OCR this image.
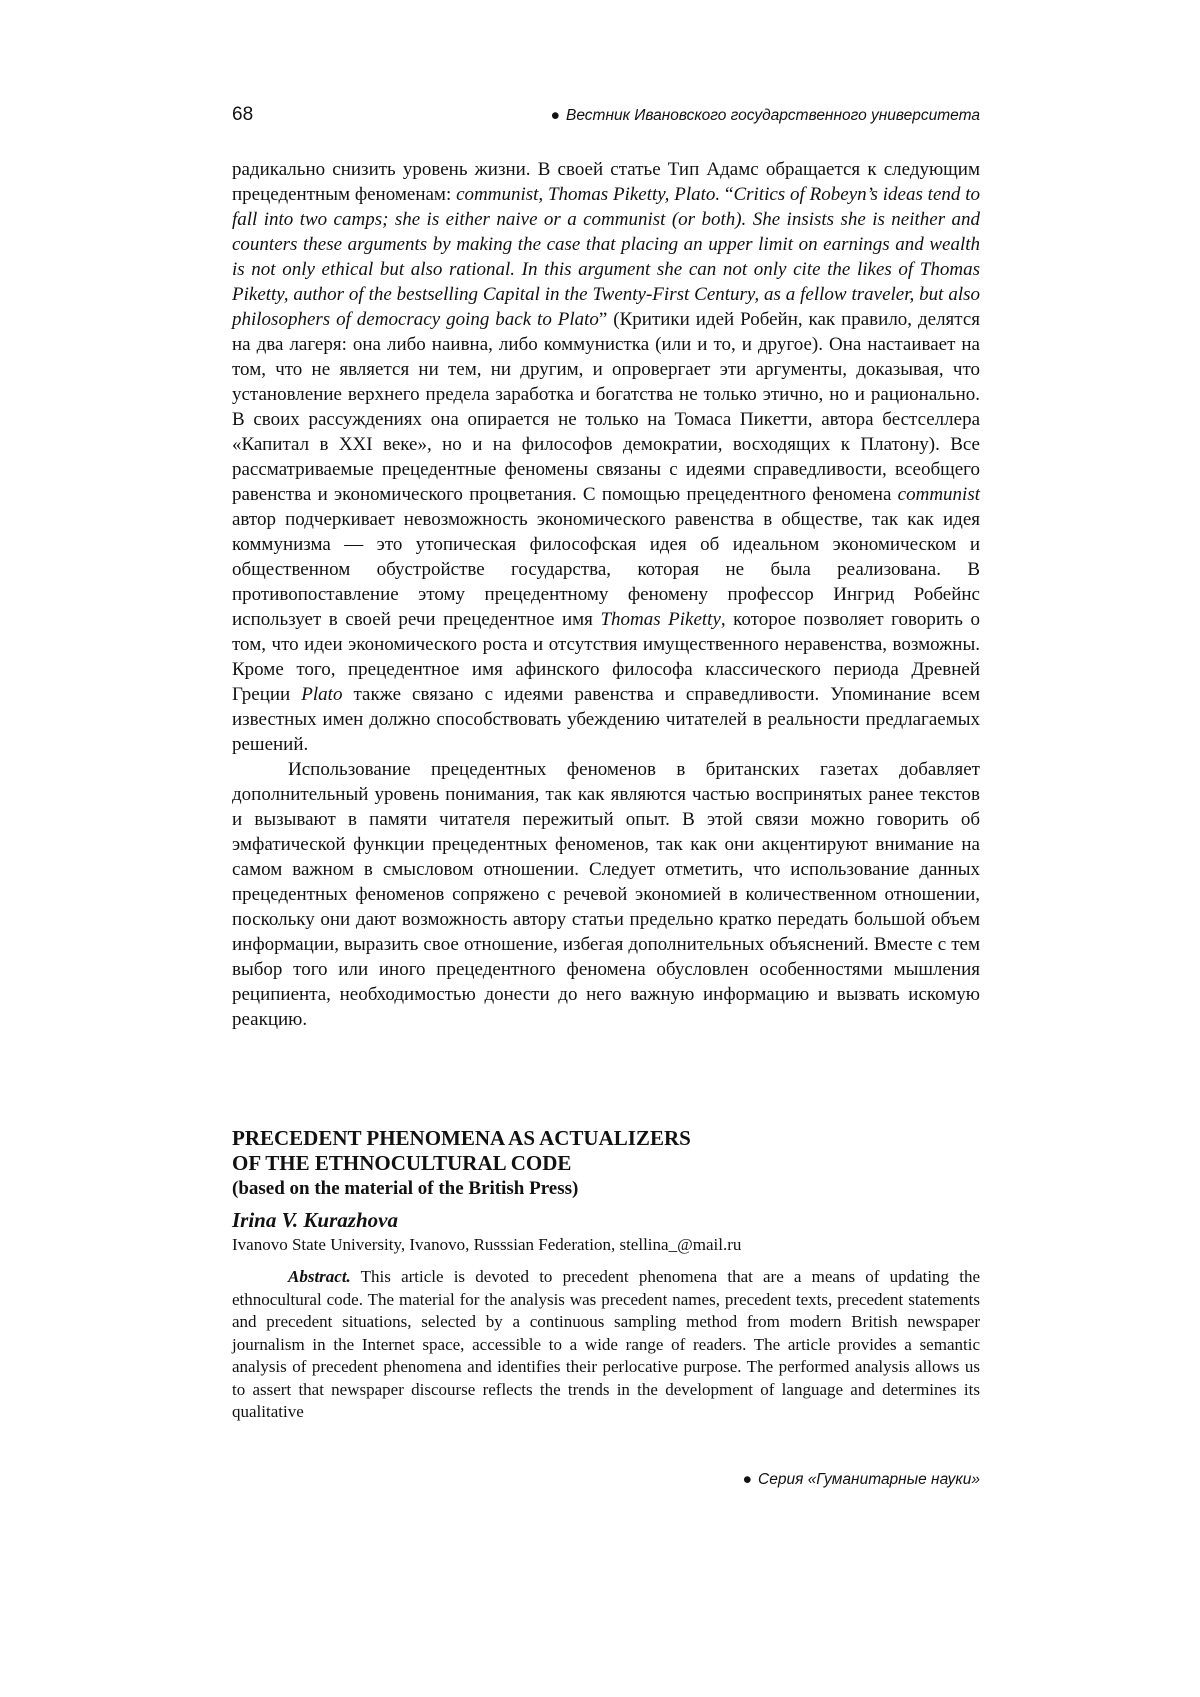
68	● Вестник Ивановского государственного университета

радикально снизить уровень жизни. В своей статье Тип Адамс обращается к следующим прецедентным феноменам: communist, Thomas Piketty, Plato. “Critics of Robeyn’s ideas tend to fall into two camps; she is either naive or a communist (or both). She insists she is neither and counters these arguments by making the case that placing an upper limit on earnings and wealth is not only ethical but also rational. In this argument she can not only cite the likes of Thomas Piketty, author of the bestselling Capital in the Twenty-First Century, as a fellow traveler, but also philosophers of democracy going back to Plato” (Критики идей Робейн, как правило, делятся на два лагеря: она либо наивна, либо коммунистка (или и то, и другое). Она настаивает на том, что не является ни тем, ни другим, и опровергает эти аргументы, доказывая, что установление верхнего предела заработка и богатства не только этично, но и рационально. В своих рассуждениях она опирается не только на Томаса Пикетти, автора бестселлера «Капитал в XXI веке», но и на философов демократии, восходящих к Платону). Все рассматриваемые прецедентные феномены связаны с идеями справедливости, всеобщего равенства и экономического процветания. С помощью прецедентного феномена communist автор подчеркивает невозможность экономического равенства в обществе, так как идея коммунизма — это утопическая философская идея об идеальном экономическом и общественном обустройстве государства, которая не была реализована. В противопоставление этому прецедентному феномену профессор Ингрид Робейнс использует в своей речи прецедентное имя Thomas Piketty, которое позволяет говорить о том, что идеи экономического роста и отсутствия имущественного неравенства, возможны. Кроме того, прецедентное имя афинского философа классического периода Древней Греции Plato также связано с идеями равенства и справедливости. Упоминание всем известных имен должно способствовать убеждению читателей в реальности предлагаемых решений.

Использование прецедентных феноменов в британских газетах добавляет дополнительный уровень понимания, так как являются частью воспринятых ранее текстов и вызывают в памяти читателя пережитый опыт. В этой связи можно говорить об эмфатической функции прецедентных феноменов, так как они акцентируют внимание на самом важном в смысловом отношении. Следует отметить, что использование данных прецедентных феноменов сопряжено с речевой экономией в количественном отношении, поскольку они дают возможность автору статьи предельно кратко передать большой объем информации, выразить свое отношение, избегая дополнительных объяснений. Вместе с тем выбор того или иного прецедентного феномена обусловлен особенностями мышления реципиента, необходимостью донести до него важную информацию и вызвать искомую реакцию.

PRECEDENT PHENOMENA AS ACTUALIZERS
OF THE ETHNOCULTURAL CODE
(based on the material of the British Press)
Irina V. Kurazhova
Ivanovo State University, Ivanovo, Russsian Federation, stellina_@mail.ru

Abstract. This article is devoted to precedent phenomena that are a means of updating the ethnocultural code. The material for the analysis was precedent names, precedent texts, precedent statements and precedent situations, selected by a continuous sampling method from modern British newspaper journalism in the Internet space, accessible to a wide range of readers. The article provides a semantic analysis of precedent phenomena and identifies their perlocative purpose. The performed analysis allows us to assert that newspaper discourse reflects the trends in the development of language and determines its qualitative

● Серия «Гуманитарные науки»
